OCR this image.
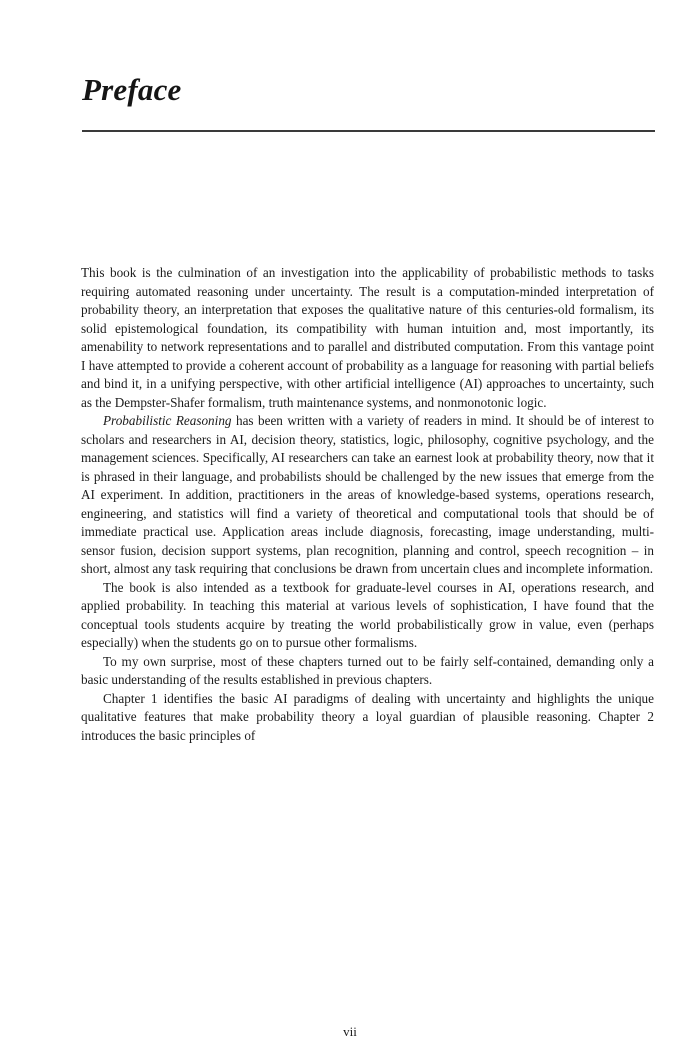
Preface

This book is the culmination of an investigation into the applicability of probabilistic methods to tasks requiring automated reasoning under uncertainty. The result is a computation-minded interpretation of probability theory, an interpretation that exposes the qualitative nature of this centuries-old formalism, its solid epistemological foundation, its compatibility with human intuition and, most importantly, its amenability to network representations and to parallel and distributed computation. From this vantage point I have attempted to provide a coherent account of probability as a language for reasoning with partial beliefs and bind it, in a unifying perspective, with other artificial intelligence (AI) approaches to uncertainty, such as the Dempster-Shafer formalism, truth maintenance systems, and nonmonotonic logic.

Probabilistic Reasoning has been written with a variety of readers in mind. It should be of interest to scholars and researchers in AI, decision theory, statistics, logic, philosophy, cognitive psychology, and the management sciences. Specifically, AI researchers can take an earnest look at probability theory, now that it is phrased in their language, and probabilists should be challenged by the new issues that emerge from the AI experiment. In addition, practitioners in the areas of knowledge-based systems, operations research, engineering, and statistics will find a variety of theoretical and computational tools that should be of immediate practical use. Application areas include diagnosis, forecasting, image understanding, multi-sensor fusion, decision support systems, plan recognition, planning and control, speech recognition – in short, almost any task requiring that conclusions be drawn from uncertain clues and incomplete information.

The book is also intended as a textbook for graduate-level courses in AI, operations research, and applied probability. In teaching this material at various levels of sophistication, I have found that the conceptual tools students acquire by treating the world probabilistically grow in value, even (perhaps especially) when the students go on to pursue other formalisms.

To my own surprise, most of these chapters turned out to be fairly self-contained, demanding only a basic understanding of the results established in previous chapters.

Chapter 1 identifies the basic AI paradigms of dealing with uncertainty and highlights the unique qualitative features that make probability theory a loyal guardian of plausible reasoning. Chapter 2 introduces the basic principles of

vii
